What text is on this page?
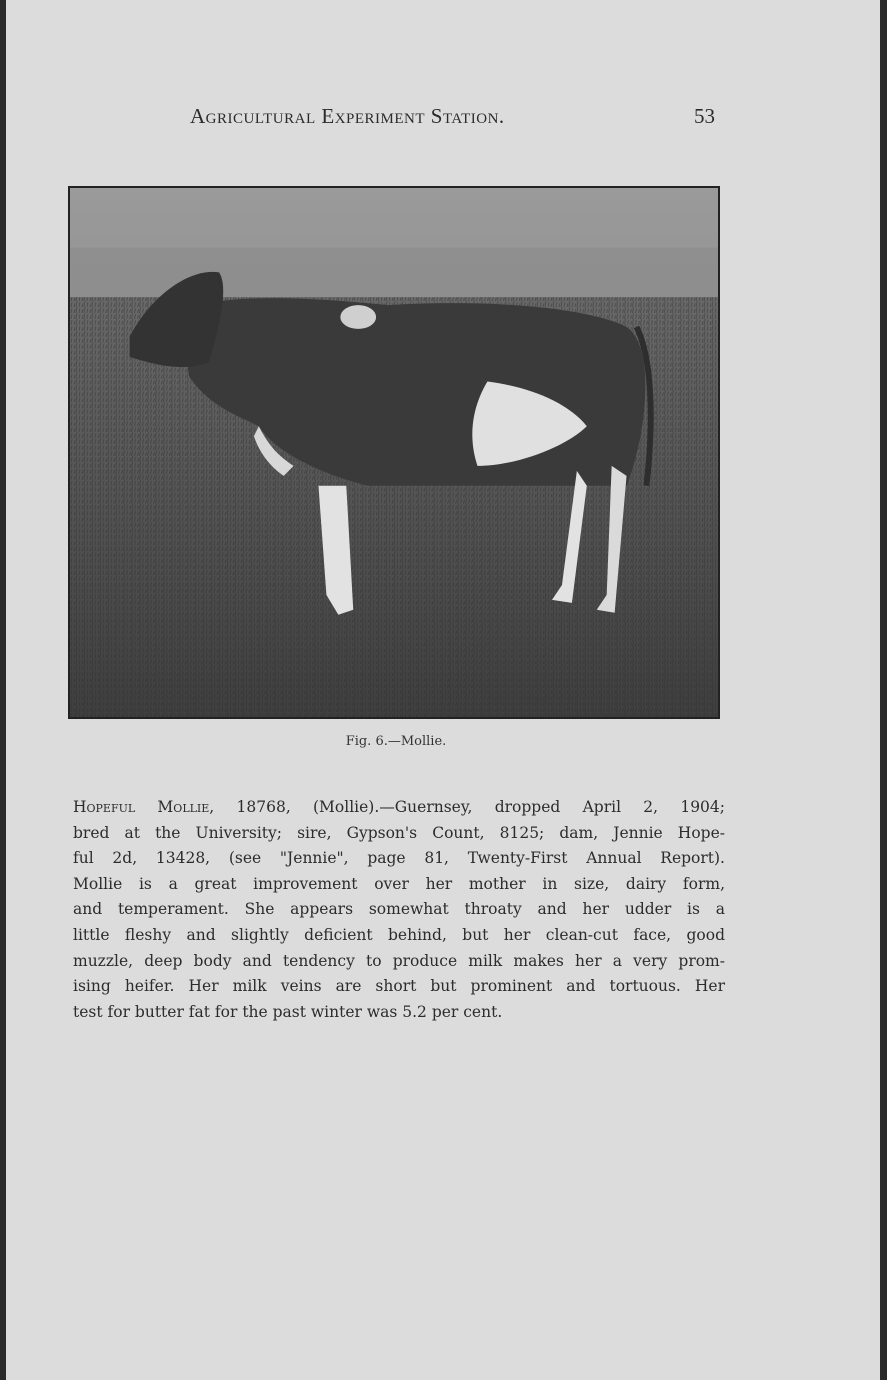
Agricultural Experiment Station.	53
Fig. 6.—Mollie.
Hopeful Mollie, 18768, (Mollie).—Guernsey, dropped April 2, 1904;
bred at the University; sire, Gypson's Count, 8125; dam, Jennie Hope-
ful 2d, 13428, (see "Jennie", page 81, Twenty-First Annual Report).
Mollie is a great improvement over her mother in size, dairy form,
and temperament. She appears somewhat throaty and her udder is a
little fleshy and slightly deficient behind, but her clean-cut face, good
muzzle, deep body and tendency to produce milk makes her a very prom-
ising heifer. Her milk veins are short but prominent and tortuous. Her
test for butter fat for the past winter was 5.2 per cent.
